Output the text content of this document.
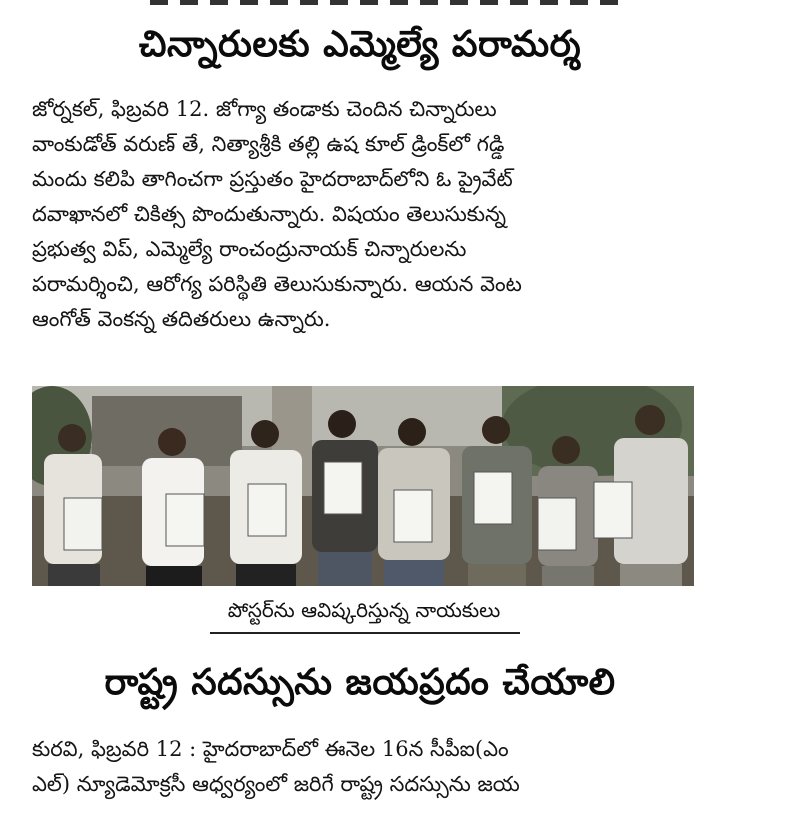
చిన్నారులకు ఎమ్మెల్యే పరామర్శ
జోర్నకల్, ఫిబ్రవరి 12. జోగ్యా తండాకు చెందిన చిన్నారులు
వాంకుడోత్ వరుణ్ తే, నిత్యాశ్రీకి తల్లి ఉష కూల్ డ్రింక్‌లో గడ్డి
మందు కలిపి తాగించగా ప్రస్తుతం హైదరాబాద్‌లోని ఓ ప్రైవేట్
దవాఖానలో చికిత్స పొందుతున్నారు. విషయం తెలుసుకున్న
ప్రభుత్వ విప్, ఎమ్మెల్యే రాంచంద్రునాయక్ చిన్నారులను
పరామర్శించి, ఆరోగ్య పరిస్థితి తెలుసుకున్నారు. ఆయన వెంట
ఆంగోత్ వెంకన్న తదితరులు ఉన్నారు.
పోస్టర్‌ను ఆవిష్కరిస్తున్న నాయకులు
రాష్ట్ర సదస్సును జయప్రదం చేయాలి
కురవి, ఫిబ్రవరి 12 : హైదరాబాద్‌లో ఈనెల 16న సీపీఐ(ఎం
ఎల్) న్యూడెమోక్రసీ ఆధ్వర్యంలో జరిగే రాష్ట్ర సదస్సును జయ
